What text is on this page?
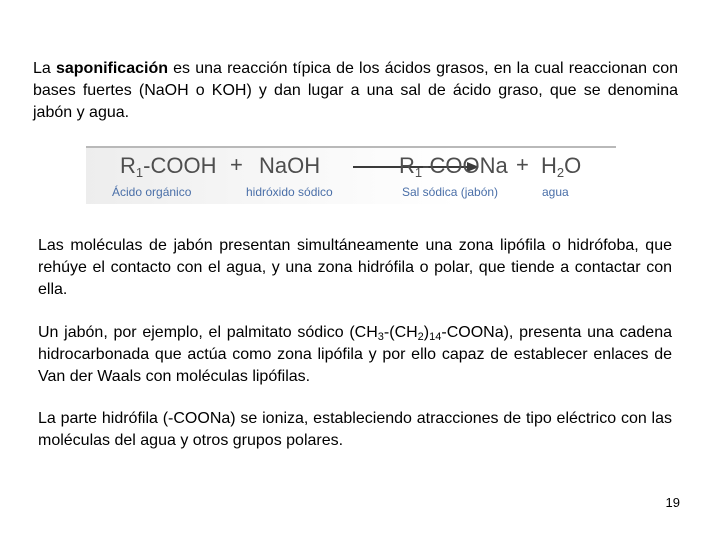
La saponificación es una reacción típica de los ácidos grasos, en la cual reaccionan con bases fuertes (NaOH o KOH) y dan lugar a una sal de ácido graso, que se denomina jabón y agua.

$R_1$-COOH + NaOH	$R_1$-COONa + $H_2O$
Ácido orgánico	hidróxido sódico	Sal sódica (jabón)	agua

Las moléculas de jabón presentan simultáneamente una zona lipófila o hidrófoba, que rehúye el contacto con el agua, y una zona hidrófila o polar, que tiende a contactar con ella.

Un jabón, por ejemplo, el palmitato sódico $(CH_3-(CH_2)_{14}-COONa)$, presenta una cadena hidrocarbonada que actúa como zona lipófila y por ello capaz de establecer enlaces de Van der Waals con moléculas lipófilas.

La parte hidrófila (-COONa) se ioniza, estableciendo atracciones de tipo eléctrico con las moléculas del agua y otros grupos polares.

19
